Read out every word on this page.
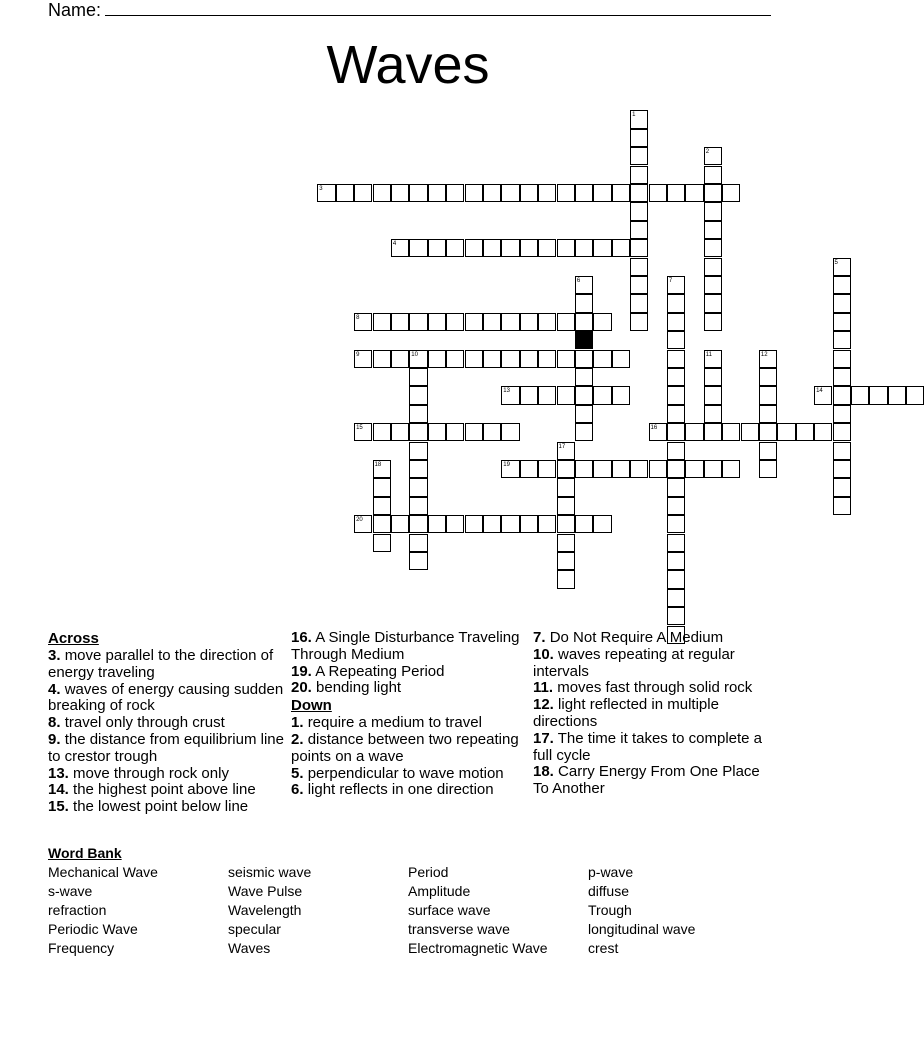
Name:
Waves
1
2
3
4
5
6	7
8
9	10	11	12
13	14
15	16
17
18	19
20
Across
3. move parallel to the direction of energy traveling
4. waves of energy causing sudden breaking of rock
8. travel only through crust
9. the distance from equilibrium line to crestor trough
13. move through rock only
14. the highest point above line
15. the lowest point below line
16. A Single Disturbance Traveling Through Medium
19. A Repeating Period
20. bending light
Down
1. require a medium to travel
2. distance between two repeating points on a wave
5. perpendicular to wave motion
6. light reflects in one direction
7. Do Not Require A Medium
10. waves repeating at regular intervals
11. moves fast through solid rock
12. light reflected in multiple directions
17. The time it takes to complete a full cycle
18. Carry Energy From One Place To Another
Word Bank
Mechanical Wave
s-wave
refraction
Periodic Wave
Frequency
seismic wave
Wave Pulse
Wavelength
specular
Waves
Period
Amplitude
surface wave
transverse wave
Electromagnetic Wave
p-wave
diffuse
Trough
longitudinal wave
crest
